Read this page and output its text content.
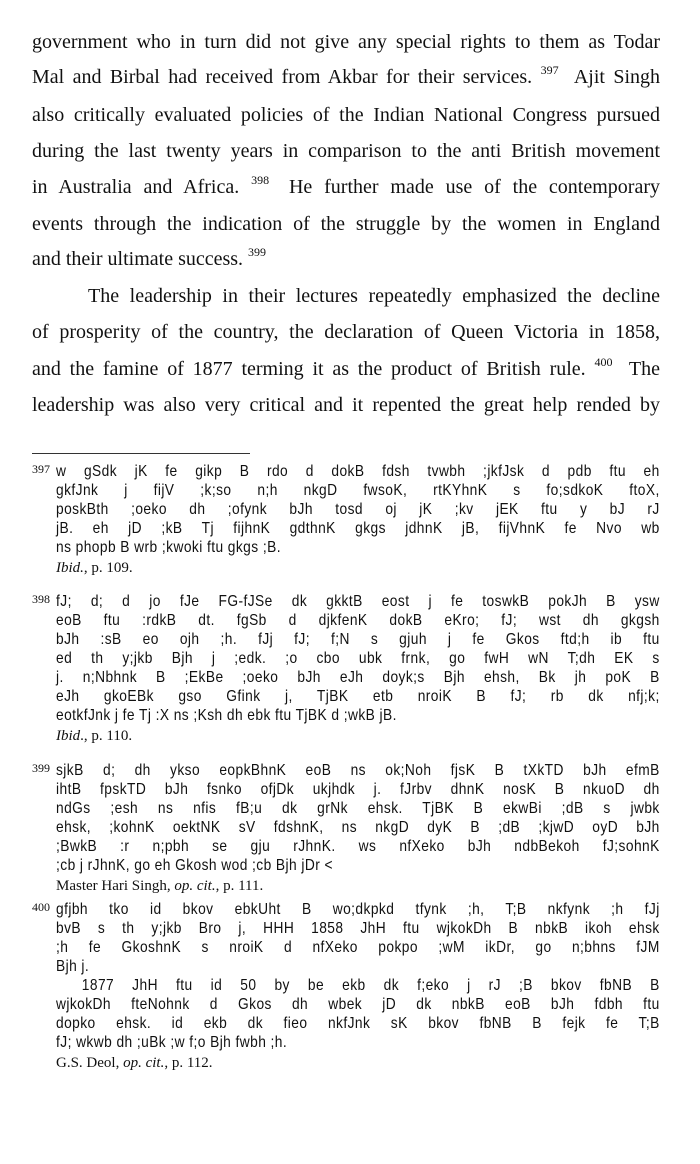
government who in turn did not give any special rights to them as Todar
Mal and Birbal had received from Akbar for their services. $^{397}$ Ajit Singh
also critically evaluated policies of the Indian National Congress pursued
during the last twenty years in comparison to the anti British movement
in Australia and Africa. $^{398}$ He further made use of the contemporary
events through the indication of the struggle by the women in England
and their ultimate success. $^{399}$
The leadership in their lectures repeatedly emphasized the decline
of prosperity of the country, the declaration of Queen Victoria in 1858,
and the famine of 1877 terming it as the product of British rule. $^{400}$ The
leadership was also very critical and it repented the great help rended by
397 w gSdk jK fe gikp B rdo d dokB fdsh tvwbh ;jkfJsk d pdb ftu eh
gkfJnk j fijV ;k;so n;h nkgD fwsoK, rtKYhnK s fo;sdkoK ftoX,
poskBth ;oeko dh ;ofynk bJh tosd oj jK ;kv jEK ftu y bJ rJ
jB. eh jD ;kB Tj fijhnK gdthnK gkgs jdhnK jB, fijVhnK fe Nvo wb
ns phopb B wrb ;kwoki ftu gkgs ;B.
Ibid., p. 109.
398 fJ; d; d jo fJe FG-fJSe dk gkktB eost j fe toswkB pokJh B ysw
eoB ftu :rdkB dt. fgSb d djkfenK dokB eKro; fJ; wst dh gkgsh
bJh :sB eo ojh ;h. fJj fJ; f;N s gjuh j fe Gkos ftd;h ib ftu
ed th y;jkb Bjh j ;edk. ;o cbo ubk frnk, go fwH wN T;dh EK s
j. n;Nbhnk B ;EkBe ;oeko bJh eJh doyk;s Bjh ehsh, Bk jh poK B
eJh gkoEBk gso Gfink j, TjBK etb nroiK B fJ; rb dk nfj;k;
eotkfJnk j fe Tj :X ns ;Ksh dh ebk ftu TjBK d ;wkB jB.
Ibid., p. 110.
399 sjkB d; dh ykso eopkBhnK eoB ns ok;Noh fjsK B tXkTD bJh efmB
ihtB fpskTD bJh fsnko ofjDk ukjhdk j. fJrbv dhnK nosK B nkuoD dh
ndGs ;esh ns nfis fB;u dk grNk ehsk. TjBK B ekwBi ;dB s jwbk
ehsk, ;kohnK oektNK sV fdshnK, ns nkgD dyK B ;dB ;kjwD oyD bJh
;BwkB :r n;pbh se gju rJhnK. ws nfXeko bJh ndbBekoh fJ;sohnK
;cb j rJhnK, go eh Gkosh wod ;cb Bjh jDr <
Master Hari Singh, op. cit., p. 111.
400 gfjbh tko id bkov ebkUht B wo;dkpkd tfynk ;h, T;B nkfynk ;h fJj
bvB s th y;jkb Bro j, HHH 1858 JhH ftu wjkokDh B nbkB ikoh ehsk
;h fe GkoshnK s nroiK d nfXeko pokpo ;wM ikDr, go n;bhns fJM
Bjh j.
1877 JhH ftu id 50 by be ekb dk f;eko j rJ ;B bkov fbNB B
wjkokDh fteNohnk d Gkos dh wbek jD dk nbkB eoB bJh fdbh ftu
dopko ehsk. id ekb dk fieo nkfJnk sK bkov fbNB B fejk fe T;B
fJ; wkwb dh ;uBk ;w f;o Bjh fwbh ;h.
G.S. Deol, op. cit., p. 112.
